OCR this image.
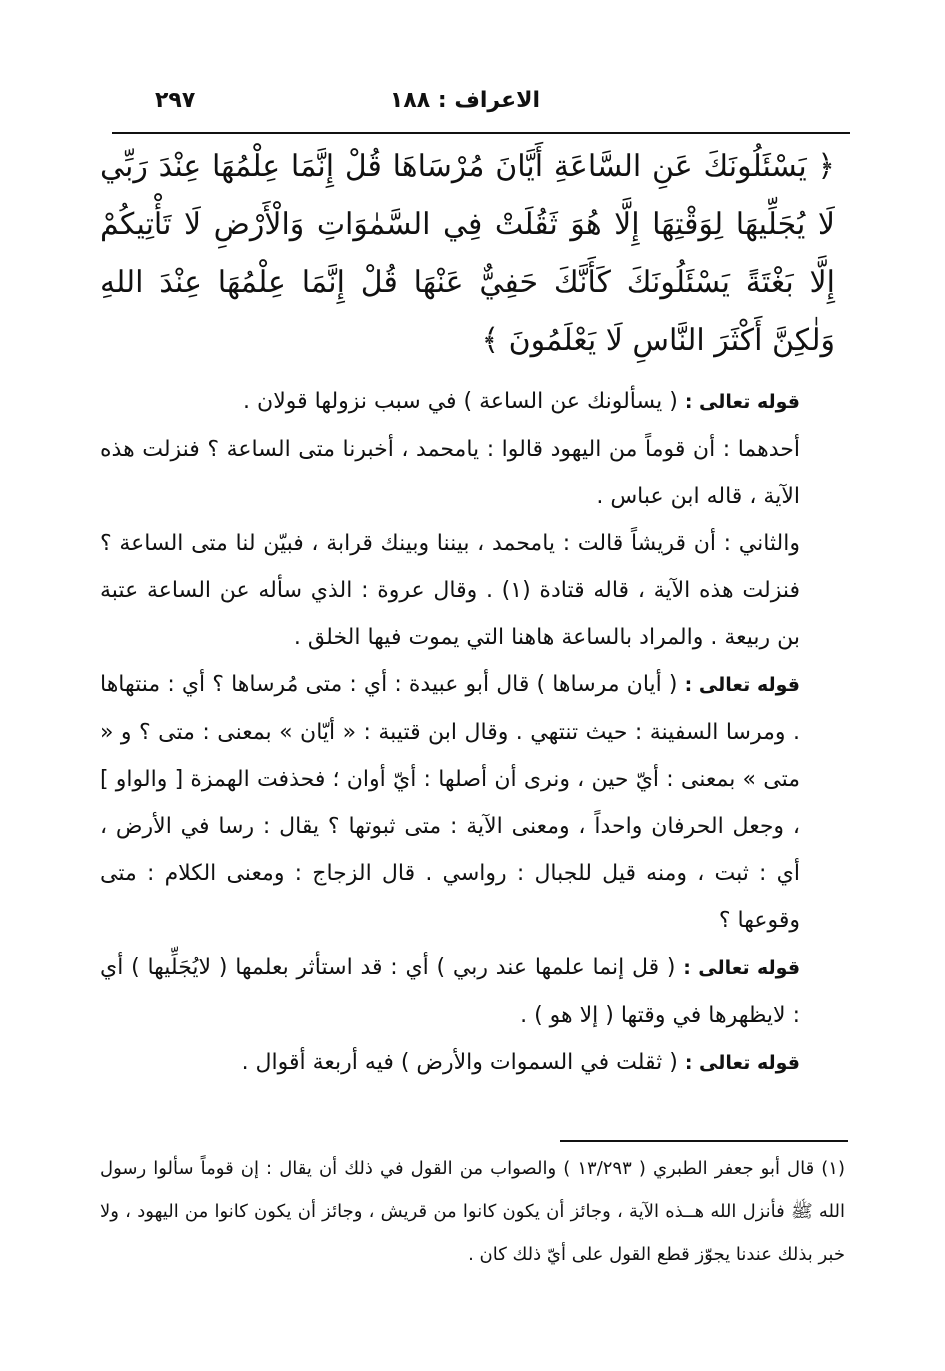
الاعراف : ١٨٨
٢٩٧

﴿ يَسْئَلُونَكَ عَنِ السَّاعَةِ أَيَّانَ مُرْسَاهَا قُلْ إِنَّمَا عِلْمُهَا عِنْدَ رَبِّي لَا يُجَلِّيهَا لِوَقْتِهَا إِلَّا هُوَ ثَقُلَتْ فِي السَّمٰوَاتِ وَالْأَرْضِ لَا تَأْتِيكُمْ إِلَّا بَغْتَةً يَسْئَلُونَكَ كَأَنَّكَ حَفِيٌّ عَنْهَا قُلْ إِنَّمَا عِلْمُهَا عِنْدَ اللهِ وَلٰكِنَّ أَكْثَرَ النَّاسِ لَا يَعْلَمُونَ ﴾

قوله تعالى : ( يسألونك عن الساعة ) في سبب نزولها قولان .

أحدهما : أن قوماً من اليهود قالوا : يامحمد ، أخبرنا متى الساعة ؟ فنزلت هذه الآية ، قاله ابن عباس .

والثاني : أن قريشاً قالت : يامحمد ، بيننا وبينك قرابة ، فبيّن لنا متى الساعة ؟ فنزلت هذه الآية ، قاله قتادة (١) . وقال عروة : الذي سأله عن الساعة عتبة بن ربيعة . والمراد بالساعة هاهنا التي يموت فيها الخلق .

قوله تعالى : ( أيان مرساها ) قال أبو عبيدة : أي : متى مُرساها ؟ أي : منتهاها . ومرسا السفينة : حيث تنتهي . وقال ابن قتيبة : « أيّان » بمعنى : متى ؟ و « متى » بمعنى : أيّ حين ، ونرى أن أصلها : أيّ أوان ؛ فحذفت الهمزة [ والواو ] ، وجعل الحرفان واحداً ، ومعنى الآية : متى ثبوتها ؟ يقال : رسا في الأرض ، أي : ثبت ، ومنه قيل للجبال : رواسي . قال الزجاج : ومعنى الكلام : متى وقوعها ؟

قوله تعالى : ( قل إنما علمها عند ربي ) أي : قد استأثر بعلمها ( لايُجَلِّيها ) أي : لايظهرها في وقتها ( إلا هو ) .

قوله تعالى : ( ثقلت في السموات والأرض ) فيه أربعة أقوال .

(١) قال أبو جعفر الطبري ( ١٣/٢٩٣ ) والصواب من القول في ذلك أن يقال : إن قوماً سألوا رسول الله ﷺ فأنزل الله هــذه الآية ، وجائز أن يكون كانوا من قريش ، وجائز أن يكون كانوا من اليهود ، ولا خبر بذلك عندنا يجوّز قطع القول على أيّ ذلك كان .
